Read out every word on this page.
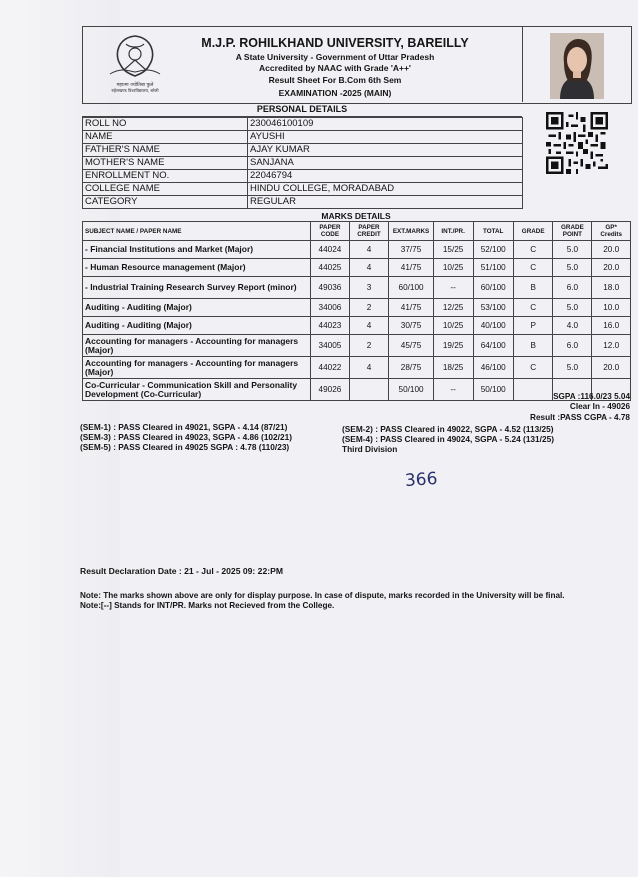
महात्मा ज्योतिबा फुले
रुहेलखण्ड विश्वविद्यालय, बरेली
M.J.P. ROHILKHAND UNIVERSITY, BAREILLY
A State University - Government of Uttar Pradesh
Accredited by NAAC with Grade 'A++'
Result Sheet For B.Com 6th Sem
EXAMINATION -2025 (MAIN)
PERSONAL DETAILS
ROLL NO	230046100109
NAME	AYUSHI
FATHER'S NAME	AJAY KUMAR
MOTHER'S NAME	SANJANA
ENROLLMENT NO.	22046794
COLLEGE NAME	HINDU COLLEGE, MORADABAD
CATEGORY	REGULAR
MARKS DETAILS
SUBJECT NAME / PAPER NAME	PAPER CODE	PAPER CREDIT	EXT.MARKS	INT./PR.	TOTAL	GRADE	GRADE POINT	GP* Credits
- Financial Institutions and Market (Major)	44024	4	37/75	15/25	52/100	C	5.0	20.0
- Human Resource management (Major)	44025	4	41/75	10/25	51/100	C	5.0	20.0
- Industrial Training Research Survey Report (minor)	49036	3	60/100	--	60/100	B	6.0	18.0
Auditing - Auditing (Major)	34006	2	41/75	12/25	53/100	C	5.0	10.0
Auditing - Auditing (Major)	44023	4	30/75	10/25	40/100	P	4.0	16.0
Accounting for managers - Accounting for managers (Major)	34005	2	45/75	19/25	64/100	B	6.0	12.0
Accounting for managers - Accounting for managers (Major)	44022	4	28/75	18/25	46/100	C	5.0	20.0
Co-Curricular - Communication Skill and Personality Development (Co-Curricular)	49026		50/100	--	50/100			
SGPA :116.0/23 5.04
Clear In - 49026
Result :PASS CGPA - 4.78
(SEM-1) : PASS Cleared in 49021, SGPA - 4.14 (87/21)
(SEM-3) : PASS Cleared in 49023, SGPA - 4.86 (102/21)
(SEM-5) : PASS Cleared in 49025 SGPA : 4.78 (110/23)
(SEM-2) : PASS Cleared in 49022, SGPA - 4.52 (113/25)
(SEM-4) : PASS Cleared in 49024, SGPA - 5.24 (131/25)
Third Division
366
Result Declaration Date : 21 - Jul - 2025 09: 22:PM
Note: The marks shown above are only for display purpose. In case of dispute, marks recorded in the University will be final.
Note:[--] Stands for INT/PR. Marks not Recieved from the College.
